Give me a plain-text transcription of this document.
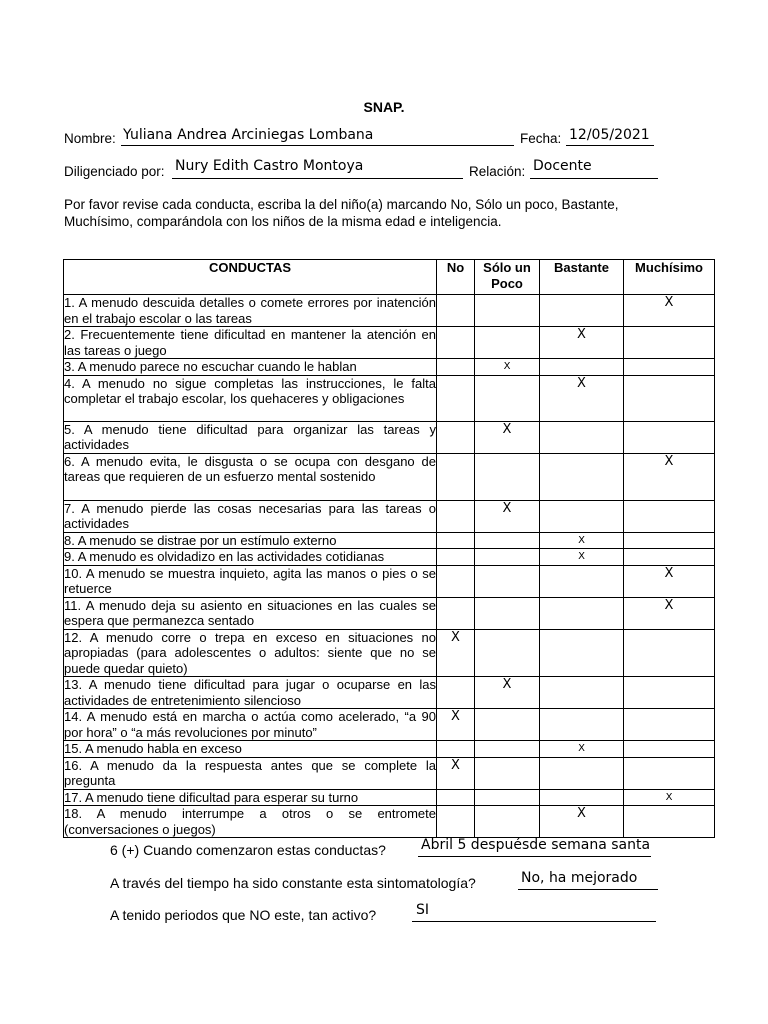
SNAP.
Nombre: Yuliana Andrea Arciniegas Lombana	Fecha: 12/05/2021
Diligenciado por: Nury Edith Castro Montoya	Relación: Docente
Por favor revise cada conducta, escriba la del niño(a) marcando No, Sólo un poco, Bastante, Muchísimo, comparándola con los niños de la misma edad e inteligencia.
CONDUCTAS	No	Sólo un Poco	Bastante	Muchísimo
1. A menudo descuida detalles o comete errores por inatención en el trabajo escolar o las tareas				X
2. Frecuentemente tiene dificultad en mantener la atención en las tareas o juego			X	
3. A menudo parece no escuchar cuando le hablan		X		
4. A menudo no sigue completas las instrucciones, le falta completar el trabajo escolar, los quehaceres y obligaciones			X	
5. A menudo tiene dificultad para organizar las tareas y actividades		X		
6. A menudo evita, le disgusta o se ocupa con desgano de tareas que requieren de un esfuerzo mental sostenido				X
7. A menudo pierde las cosas necesarias para las tareas o actividades		X		
8. A menudo se distrae por un estímulo externo			X	
9. A menudo es olvidadizo en las actividades cotidianas			X	
10. A menudo se muestra inquieto, agita las manos o pies o se retuerce				X
11. A menudo deja su asiento en situaciones en las cuales se espera que permanezca sentado				X
12. A menudo corre o trepa en exceso en situaciones no apropiadas (para adolescentes o adultos: siente que no se puede quedar quieto)	X			
13. A menudo tiene dificultad para jugar o ocuparse en las actividades de entretenimiento silencioso		X		
14. A menudo está en marcha o actúa como acelerado, “a 90 por hora” o “a más revoluciones por minuto”	X			
15. A menudo habla en exceso			X	
16. A menudo da la respuesta antes que se complete la pregunta	X			
17. A menudo tiene dificultad para esperar su turno				X
18. A menudo interrumpe a otros o se entromete (conversaciones o juegos)			X	
6 (+) Cuando comenzaron estas conductas?	Abril 5 despuésde semana santa
A través del tiempo ha sido constante esta sintomatología?	No, ha mejorado
A tenido periodos que NO este, tan activo?	SI
